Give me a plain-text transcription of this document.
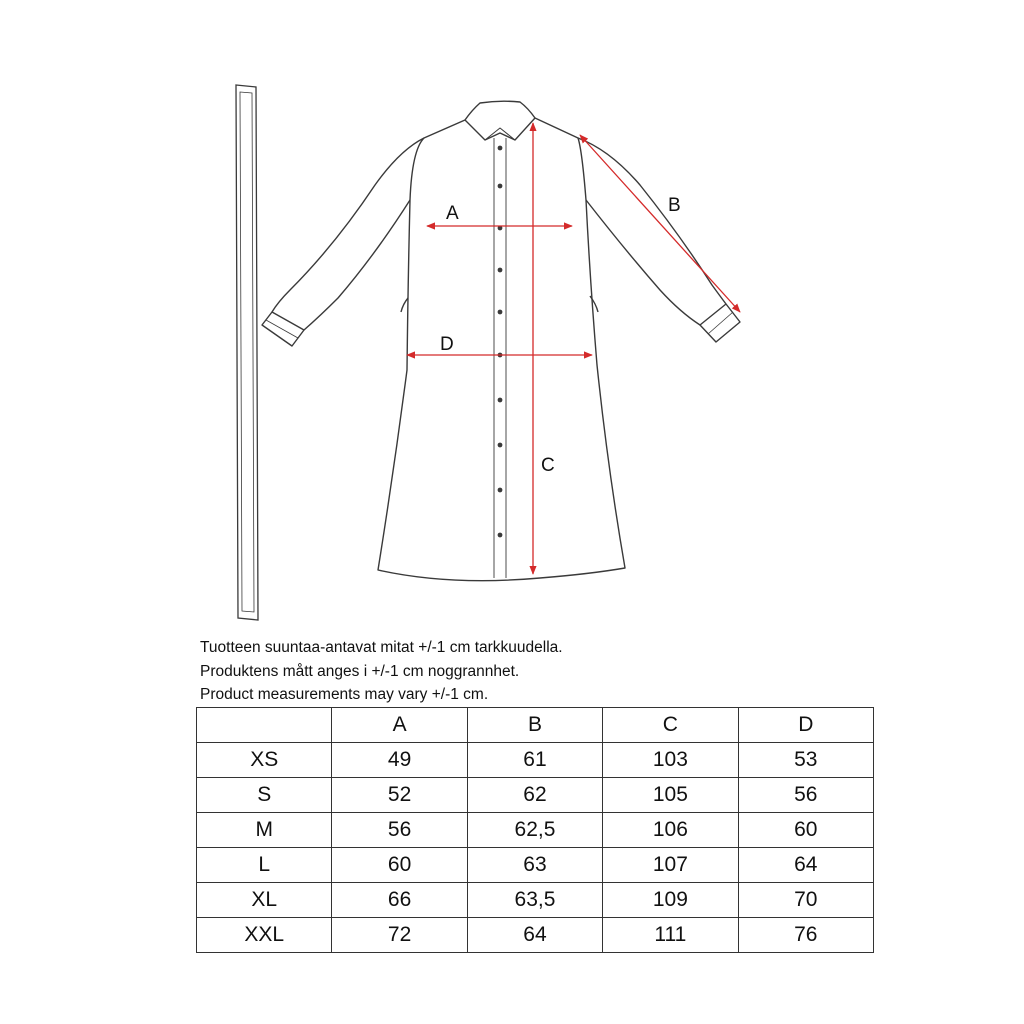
A	B
C
D
Tuotteen suuntaa-antavat mitat +/-1 cm tarkkuudella.
Produktens mått anges i +/-1 cm noggrannhet.
Product measurements may vary +/-1 cm.
	A	B	C	D
XS	49	61	103	53
S	52	62	105	56
M	56	62,5	106	60
L	60	63	107	64
XL	66	63,5	109	70
XXL	72	64	111	76
